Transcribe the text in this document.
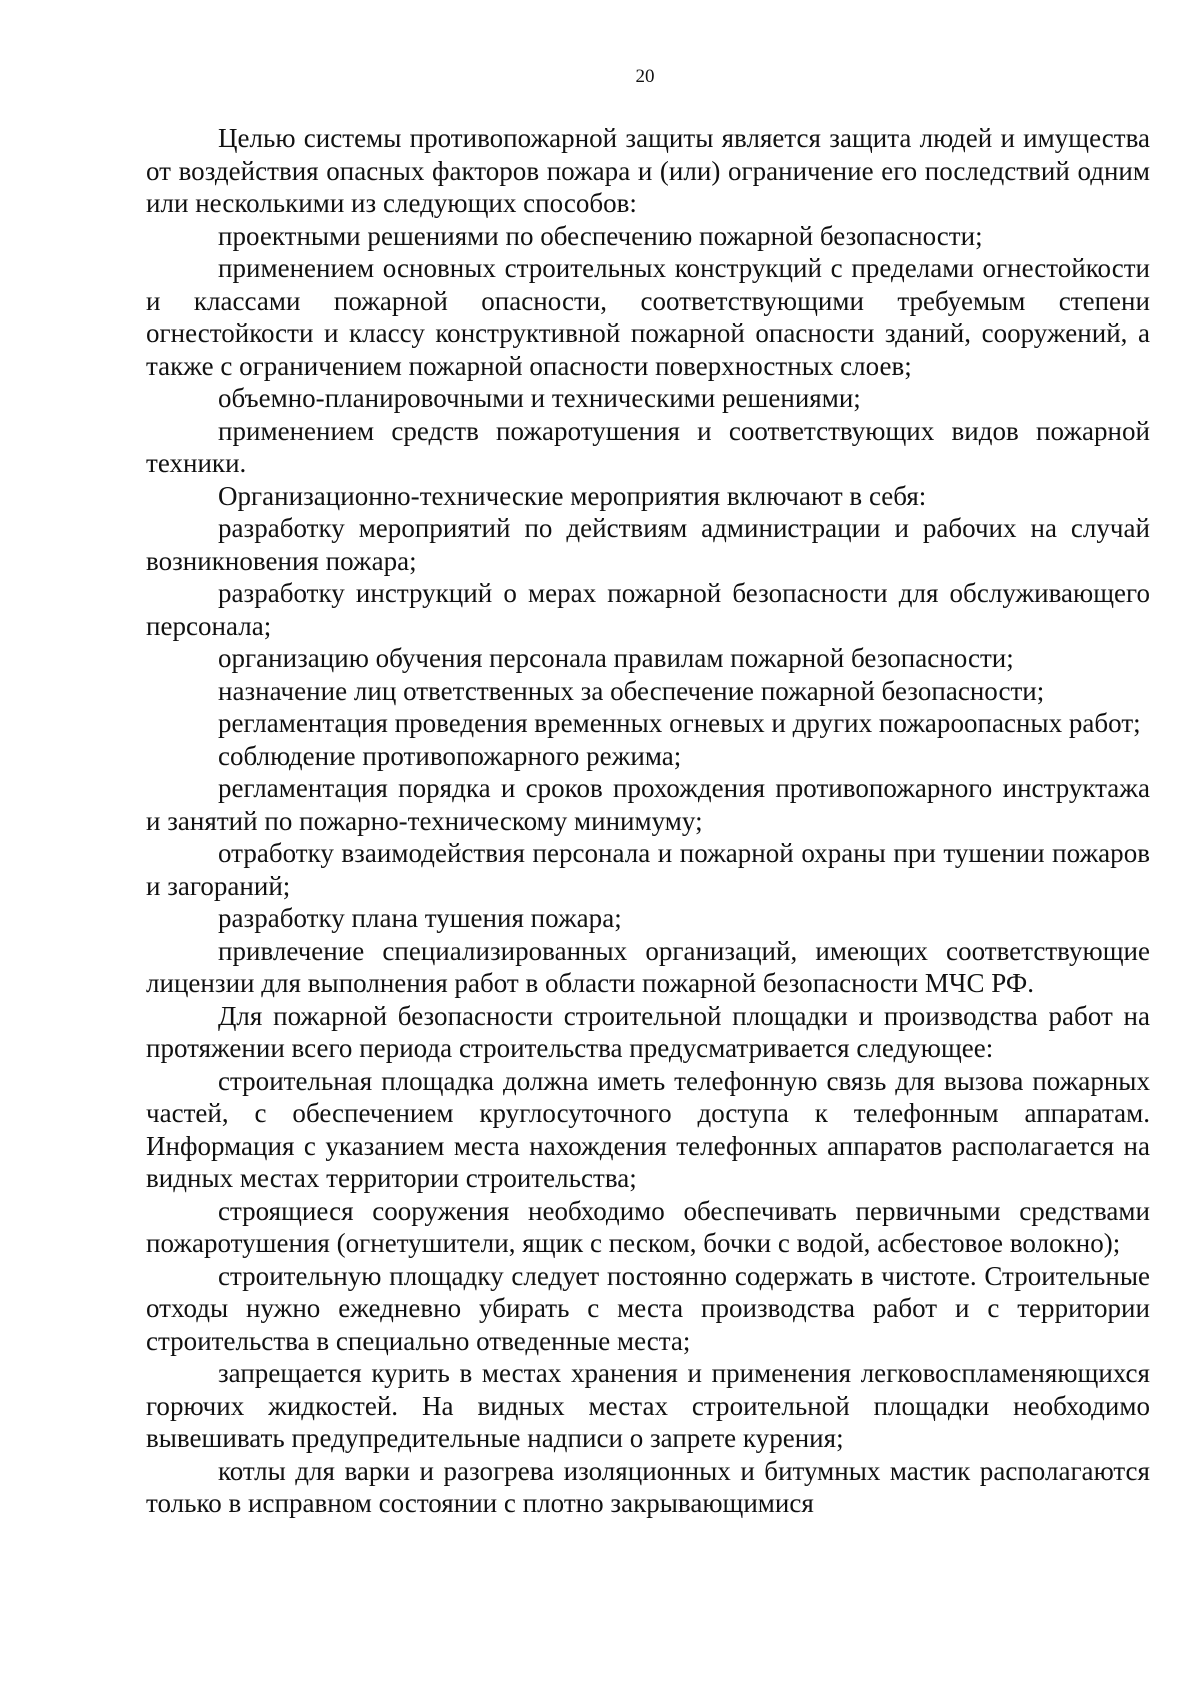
20

Целью системы противопожарной защиты является защита людей и имущества от воздействия опасных факторов пожара и (или) ограничение его последствий одним или несколькими из следующих способов:

проектными решениями по обеспечению пожарной безопасности;

применением основных строительных конструкций с пределами огнестойкости и классами пожарной опасности, соответствующими требуемым степени огнестойкости и классу конструктивной пожарной опасности зданий, сооружений, а также с ограничением пожарной опасности поверхностных слоев;

объемно-планировочными и техническими решениями;

применением средств пожаротушения и соответствующих видов пожарной техники.

Организационно-технические мероприятия включают в себя:

разработку мероприятий по действиям администрации и рабочих на случай возникновения пожара;

разработку инструкций о мерах пожарной безопасности для обслуживающего персонала;

организацию обучения персонала правилам пожарной безопасности;

назначение лиц ответственных за обеспечение пожарной безопасности;

регламентация проведения временных огневых и других пожароопасных работ;

соблюдение противопожарного режима;

регламентация порядка и сроков прохождения противопожарного инструктажа и занятий по пожарно-техническому минимуму;

отработку взаимодействия персонала и пожарной охраны при тушении пожаров и загораний;

разработку плана тушения пожара;

привлечение специализированных организаций, имеющих соответствующие лицензии для выполнения работ в области пожарной безопасности МЧС РФ.

Для пожарной безопасности строительной площадки и производства работ на протяжении всего периода строительства предусматривается следующее:

строительная площадка должна иметь телефонную связь для вызова пожарных частей, с обеспечением круглосуточного доступа к телефонным аппаратам. Информация с указанием места нахождения телефонных аппаратов располагается на видных местах территории строительства;

строящиеся сооружения необходимо обеспечивать первичными средствами пожаротушения (огнетушители, ящик с песком, бочки с водой, асбестовое волокно);

строительную площадку следует постоянно содержать в чистоте. Строительные отходы нужно ежедневно убирать с места производства работ и с территории строительства в специально отведенные места;

запрещается курить в местах хранения и применения легковоспламеняющихся горючих жидкостей. На видных местах строительной площадки необходимо вывешивать предупредительные надписи о запрете курения;

котлы для варки и разогрева изоляционных и битумных мастик располагаются только в исправном состоянии с плотно закрывающимися
